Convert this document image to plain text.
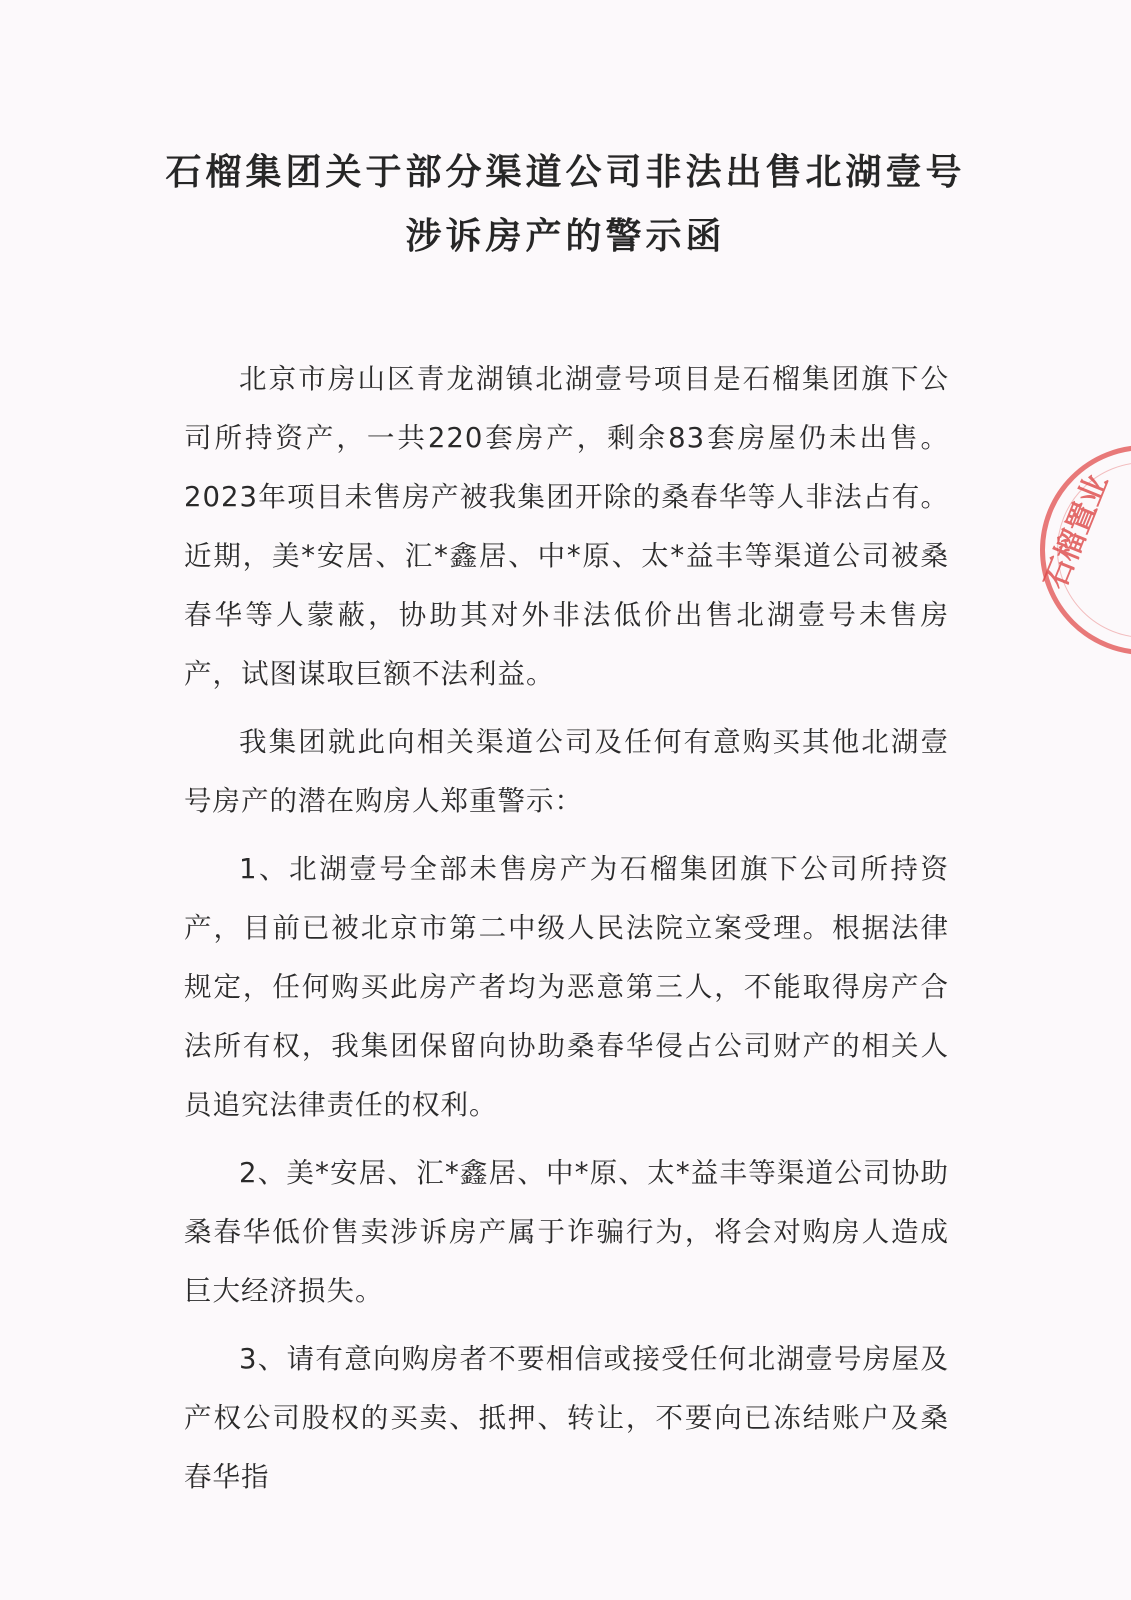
石榴集团关于部分渠道公司非法出售北湖壹号
涉诉房产的警示函

北京市房山区青龙湖镇北湖壹号项目是石榴集团旗下公司所持资产，一共220套房产，剩余83套房屋仍未出售。2023年项目未售房产被我集团开除的桑春华等人非法占有。近期，美*安居、汇*鑫居、中*原、太*益丰等渠道公司被桑春华等人蒙蔽，协助其对外非法低价出售北湖壹号未售房产，试图谋取巨额不法利益。

我集团就此向相关渠道公司及任何有意购买其他北湖壹号房产的潜在购房人郑重警示：

1、北湖壹号全部未售房产为石榴集团旗下公司所持资产，目前已被北京市第二中级人民法院立案受理。根据法律规定，任何购买此房产者均为恶意第三人，不能取得房产合法所有权，我集团保留向协助桑春华侵占公司财产的相关人员追究法律责任的权利。

2、美*安居、汇*鑫居、中*原、太*益丰等渠道公司协助桑春华低价售卖涉诉房产属于诈骗行为，将会对购房人造成巨大经济损失。

3、请有意向购房者不要相信或接受任何北湖壹号房屋及产权公司股权的买卖、抵押、转让，不要向已冻结账户及桑春华指

石榴置业
